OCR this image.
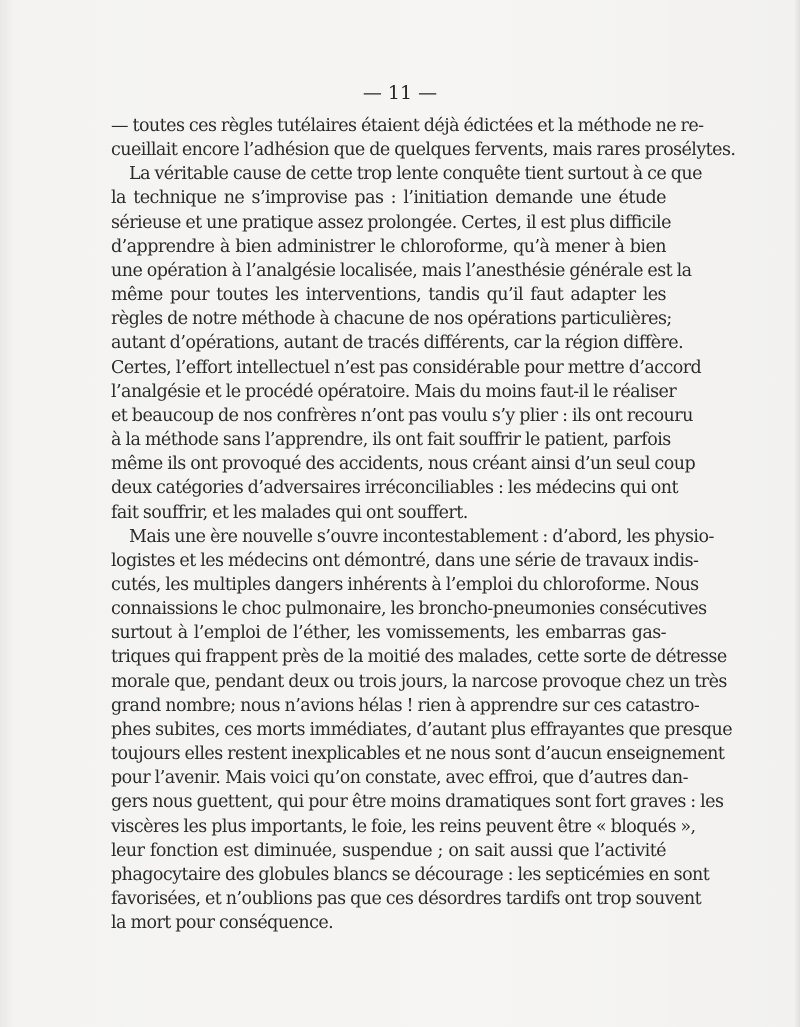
— 11 —
— toutes ces règles tutélaires étaient déjà édictées et la méthode ne re-
cueillait encore l’adhésion que de quelques fervents, mais rares prosélytes.
La véritable cause de cette trop lente conquête tient surtout à ce que
la technique ne s’improvise pas : l’initiation demande une étude
sérieuse et une pratique assez prolongée. Certes, il est plus difficile
d’apprendre à bien administrer le chloroforme, qu’à mener à bien
une opération à l’analgésie localisée, mais l’anesthésie générale est la
même pour toutes les interventions, tandis qu’il faut adapter les
règles de notre méthode à chacune de nos opérations particulières;
autant d’opérations, autant de tracés différents, car la région diffère.
Certes, l’effort intellectuel n’est pas considérable pour mettre d’accord
l’analgésie et le procédé opératoire. Mais du moins faut-il le réaliser
et beaucoup de nos confrères n’ont pas voulu s’y plier : ils ont recouru
à la méthode sans l’apprendre, ils ont fait souffrir le patient, parfois
même ils ont provoqué des accidents, nous créant ainsi d’un seul coup
deux catégories d’adversaires irréconciliables : les médecins qui ont
fait souffrir, et les malades qui ont souffert.
Mais une ère nouvelle s’ouvre incontestablement : d’abord, les physio-
logistes et les médecins ont démontré, dans une série de travaux indis-
cutés, les multiples dangers inhérents à l’emploi du chloroforme. Nous
connaissions le choc pulmonaire, les broncho-pneumonies consécutives
surtout à l’emploi de l’éther, les vomissements, les embarras gas-
triques qui frappent près de la moitié des malades, cette sorte de détresse
morale que, pendant deux ou trois jours, la narcose provoque chez un très
grand nombre; nous n’avions hélas ! rien à apprendre sur ces catastro-
phes subites, ces morts immédiates, d’autant plus effrayantes que presque
toujours elles restent inexplicables et ne nous sont d’aucun enseignement
pour l’avenir. Mais voici qu’on constate, avec effroi, que d’autres dan-
gers nous guettent, qui pour être moins dramatiques sont fort graves : les
viscères les plus importants, le foie, les reins peuvent être « bloqués »,
leur fonction est diminuée, suspendue ; on sait aussi que l’activité
phagocytaire des globules blancs se décourage : les septicémies en sont
favorisées, et n’oublions pas que ces désordres tardifs ont trop souvent
la mort pour conséquence.
